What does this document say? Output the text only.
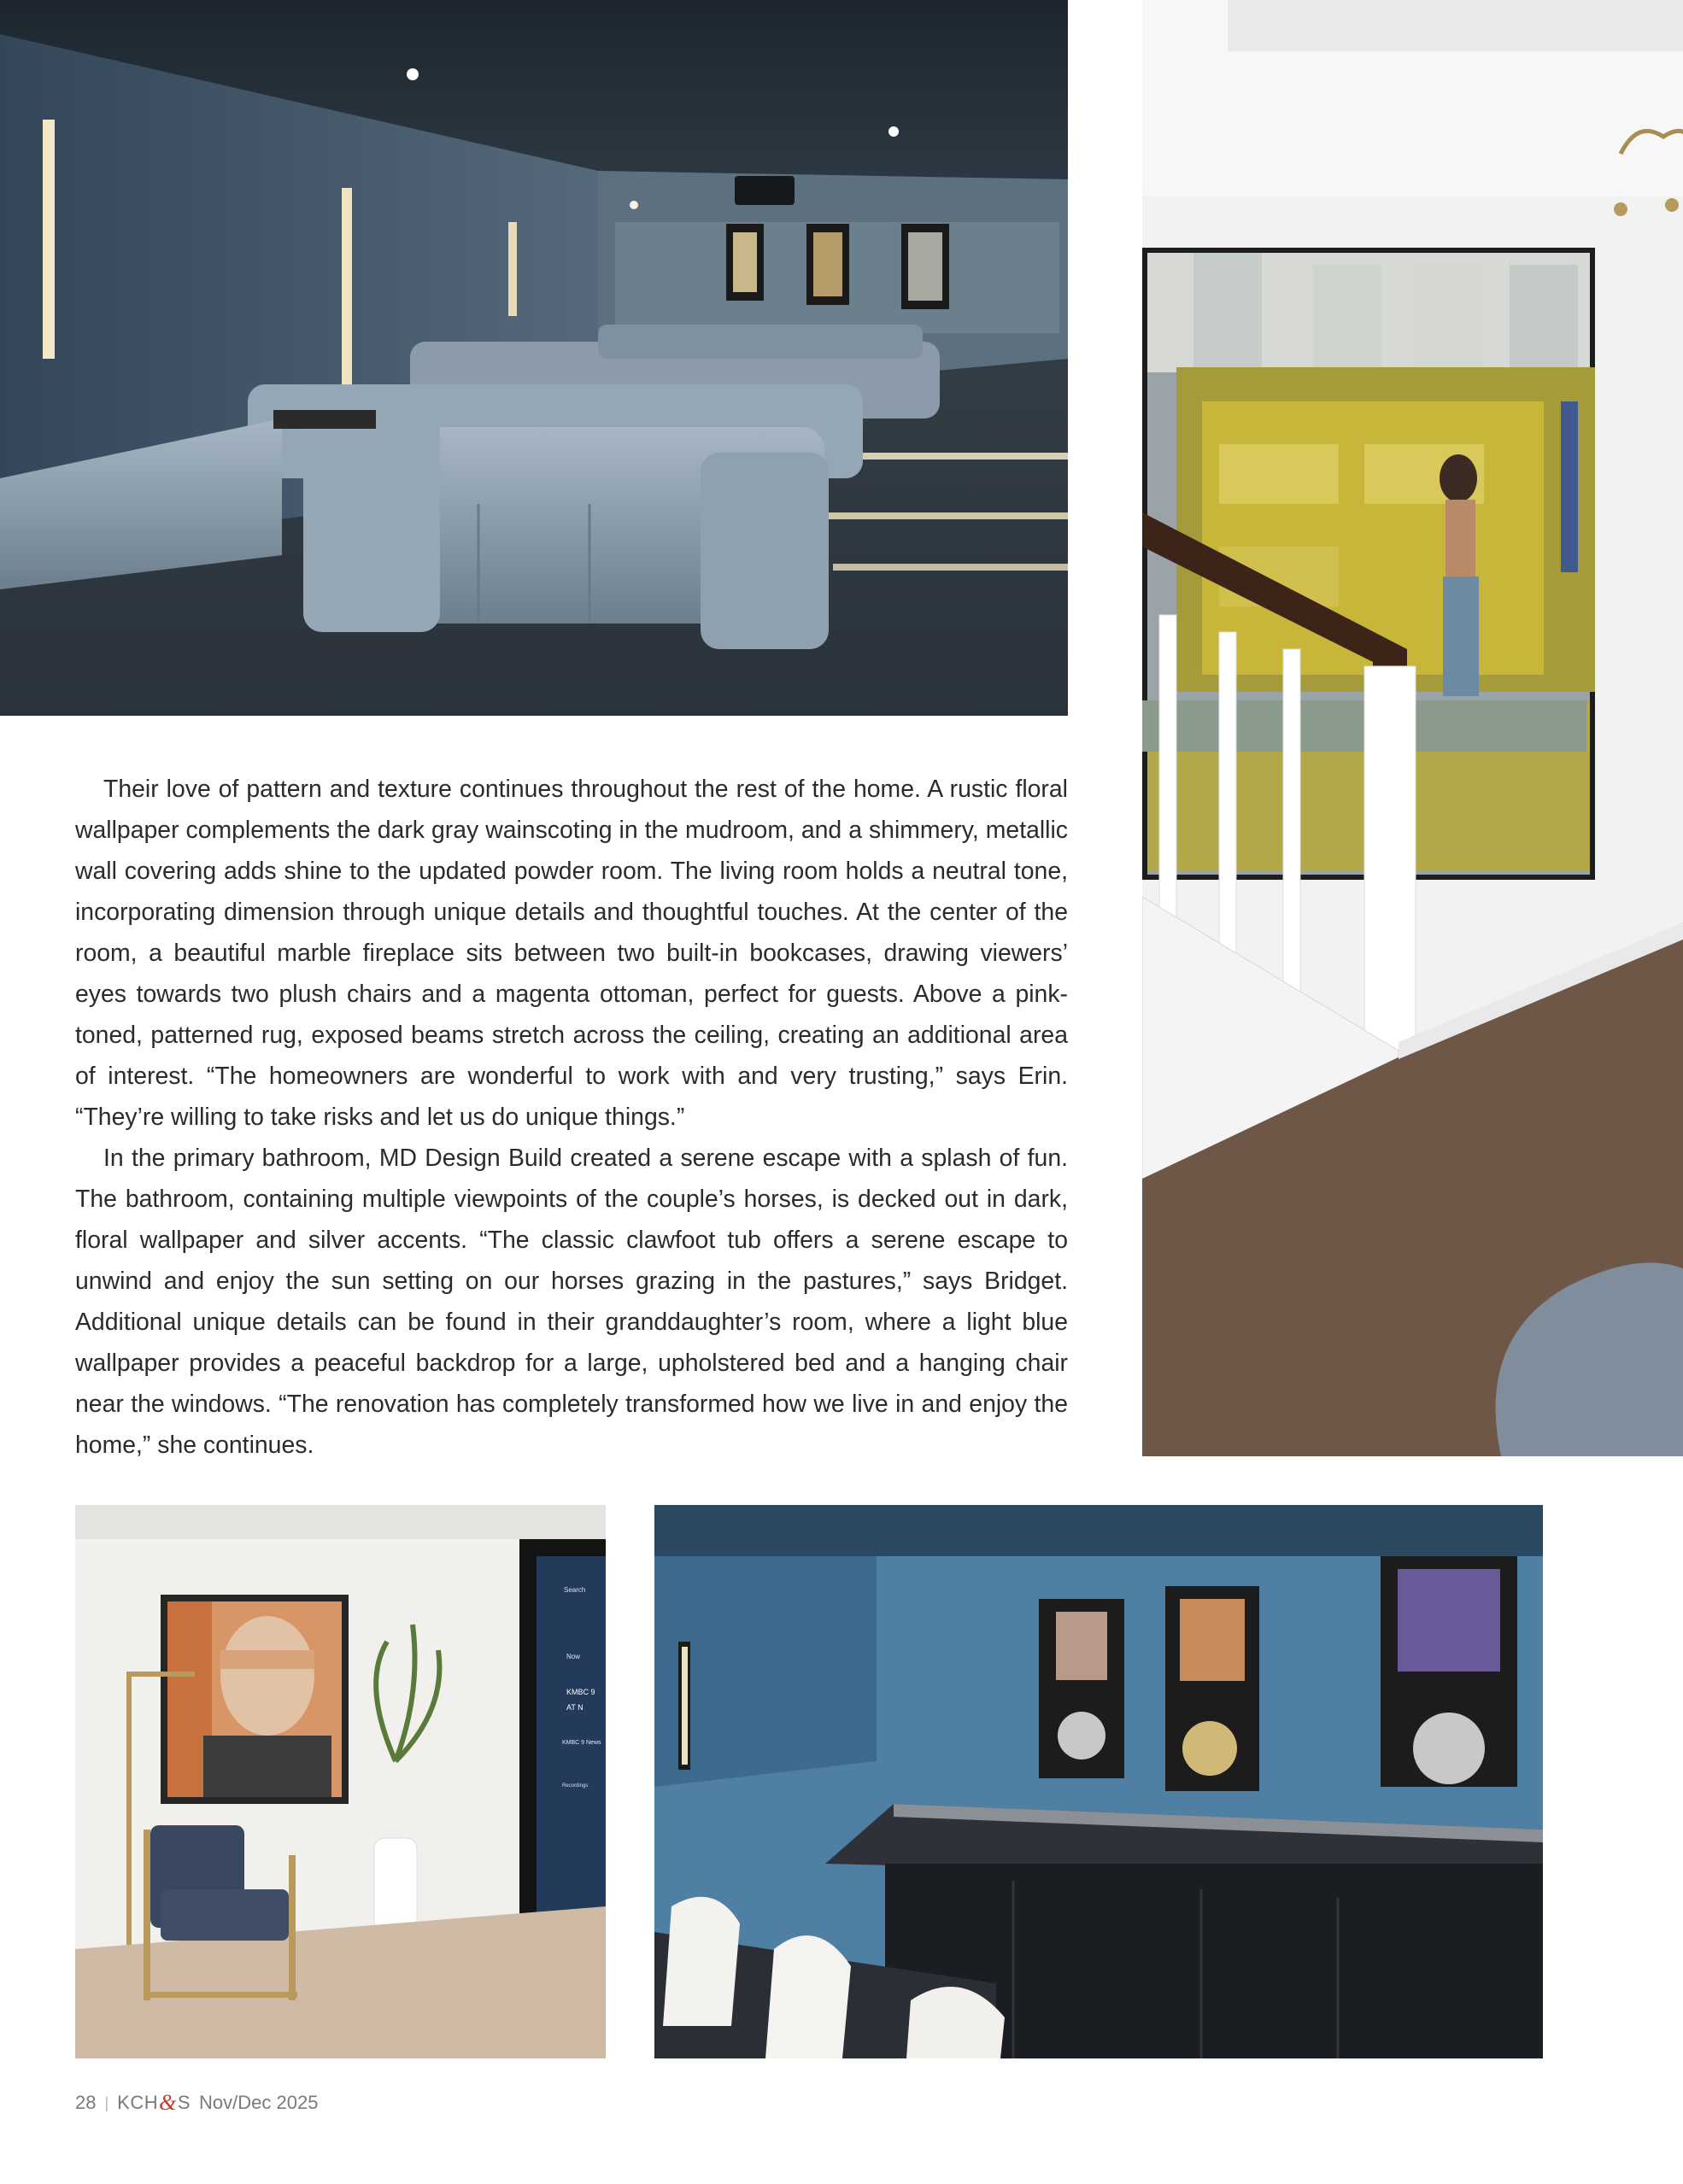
Their love of pattern and texture continues throughout the rest of the home. A rustic floral wallpaper complements the dark gray wainscoting in the mudroom, and a shimmery, metallic wall covering adds shine to the updated powder room. The living room holds a neutral tone, incorporating dimension through unique details and thoughtful touches. At the center of the room, a beautiful marble fireplace sits between two built-in bookcases, drawing viewers’ eyes towards two plush chairs and a magenta ottoman, perfect for guests. Above a pink-toned, patterned rug, exposed beams stretch across the ceiling, creating an additional area of interest. “The homeowners are wonderful to work with and very trusting,” says Erin. “They’re willing to take risks and let us do unique things.”

In the primary bathroom, MD Design Build created a serene escape with a splash of fun. The bathroom, containing multiple viewpoints of the couple’s horses, is decked out in dark, floral wallpaper and silver accents. “The classic clawfoot tub offers a serene escape to unwind and enjoy the sun setting on our horses grazing in the pastures,” says Bridget. Additional unique details can be found in their granddaughter’s room, where a light blue wallpaper provides a peaceful backdrop for a large, upholstered bed and a hanging chair near the windows. “The renovation has completely transformed how we live in and enjoy the home,” she continues.

Search
Now
KMBC 9
AT N
KMBC 9 News
Recordings
28 | KCH & S Nov/Dec 2025
